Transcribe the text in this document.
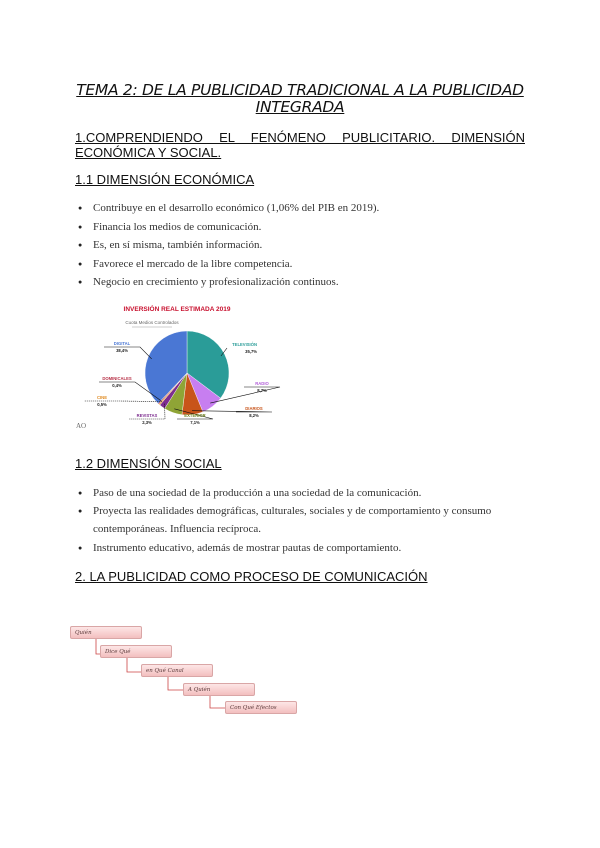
TEMA 2: DE LA PUBLICIDAD TRADICIONAL A LA PUBLICIDAD INTEGRADA
1.COMPRENDIENDO EL FENÓMENO PUBLICITARIO. DIMENSIÓN ECONÓMICA Y SOCIAL.
1.1 DIMENSIÓN ECONÓMICA
● Contribuye en el desarrollo económico (1,06% del PIB en 2019).
● Financia los medios de comunicación.
● Es, en sí misma, también información.
● Favorece el mercado de la libre competencia.
● Negocio en crecimiento y profesionalización continuos.
INVERSIÓN REAL ESTIMADA 2019
Cuota Medios Controlados
TELEVISIÓN
35,7%
RADIO
8,7%
DIARIOS
8,2%
EXTERIOR
7,1%
REVISTAS
2,3%
CINE
0,5%
DOMINICALES
0,4%
DIGITAL
38,4%
AO
1.2 DIMENSIÓN SOCIAL
● Paso de una sociedad de la producción a una sociedad de la comunicación.
● Proyecta las realidades demográficas, culturales, sociales y de comportamiento y consumo contemporáneas. Influencia recíproca.
● Instrumento educativo, además de mostrar pautas de comportamiento.
2. LA PUBLICIDAD COMO PROCESO DE COMUNICACIÓN
Quién
Dice Qué
en Qué Canal
A Quién
Con Qué Efectos
